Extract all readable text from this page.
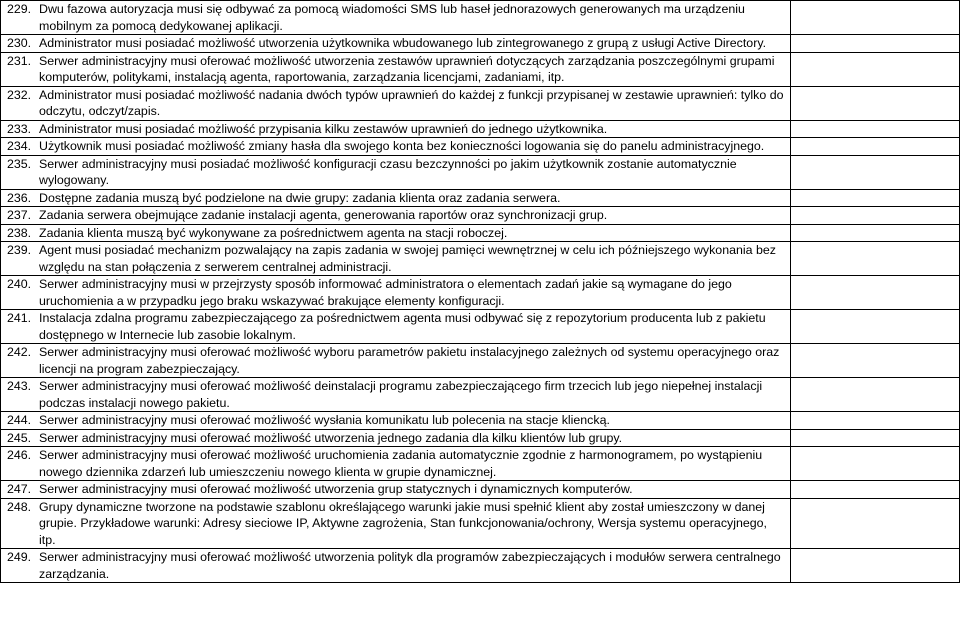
229. Dwu fazowa autoryzacja musi się odbywać za pomocą wiadomości SMS lub haseł jednorazowych generowanych ma urządzeniu mobilnym za pomocą dedykowanej aplikacji.	

230. Administrator musi posiadać możliwość utworzenia użytkownika wbudowanego lub zintegrowanego z grupą z usługi Active Directory.	

231. Serwer administracyjny musi oferować możliwość utworzenia zestawów uprawnień dotyczących zarządzania poszczególnymi grupami komputerów, politykami, instalacją agenta, raportowania, zarządzania licencjami, zadaniami, itp.	

232. Administrator musi posiadać możliwość nadania dwóch typów uprawnień do każdej z funkcji przypisanej w zestawie uprawnień: tylko do odczytu, odczyt/zapis.	

233. Administrator musi posiadać możliwość przypisania kilku zestawów uprawnień do jednego użytkownika.	

234. Użytkownik musi posiadać możliwość zmiany hasła dla swojego konta bez konieczności logowania się do panelu administracyjnego.	

235. Serwer administracyjny musi posiadać możliwość konfiguracji czasu bezczynności po jakim użytkownik zostanie automatycznie wylogowany.	

236. Dostępne zadania muszą być podzielone na dwie grupy: zadania klienta oraz zadania serwera.	

237. Zadania serwera obejmujące zadanie instalacji agenta, generowania raportów oraz synchronizacji grup.	

238. Zadania klienta muszą być wykonywane za pośrednictwem agenta na stacji roboczej.	

239. Agent musi posiadać mechanizm pozwalający na zapis zadania w swojej pamięci wewnętrznej w celu ich późniejszego wykonania bez względu na stan połączenia z serwerem centralnej administracji.	

240. Serwer administracyjny musi w przejrzysty sposób informować administratora o elementach zadań jakie są wymagane do jego uruchomienia a w przypadku jego braku wskazywać brakujące elementy konfiguracji.	

241. Instalacja zdalna programu zabezpieczającego za pośrednictwem agenta musi odbywać się z repozytorium producenta lub z pakietu dostępnego w Internecie lub zasobie lokalnym.	

242. Serwer administracyjny musi oferować możliwość wyboru parametrów pakietu instalacyjnego zależnych od systemu operacyjnego oraz licencji na program zabezpieczający.	

243. Serwer administracyjny musi oferować możliwość deinstalacji programu zabezpieczającego firm trzecich lub jego niepełnej instalacji podczas instalacji nowego pakietu.	

244. Serwer administracyjny musi oferować możliwość wysłania komunikatu lub polecenia na stacje kliencką.	

245. Serwer administracyjny musi oferować możliwość utworzenia jednego zadania dla kilku klientów lub grupy.	

246. Serwer administracyjny musi oferować możliwość uruchomienia zadania automatycznie zgodnie z harmonogramem, po wystąpieniu nowego dziennika zdarzeń lub umieszczeniu nowego klienta w grupie dynamicznej.	

247. Serwer administracyjny musi oferować możliwość utworzenia grup statycznych i dynamicznych komputerów.	

248. Grupy dynamiczne tworzone na podstawie szablonu określającego warunki jakie musi spełnić klient aby został umieszczony w danej grupie. Przykładowe warunki: Adresy sieciowe IP, Aktywne zagrożenia, Stan funkcjonowania/ochrony, Wersja systemu operacyjnego, itp.	

249. Serwer administracyjny musi oferować możliwość utworzenia polityk dla programów zabezpieczających i modułów serwera centralnego zarządzania.	
